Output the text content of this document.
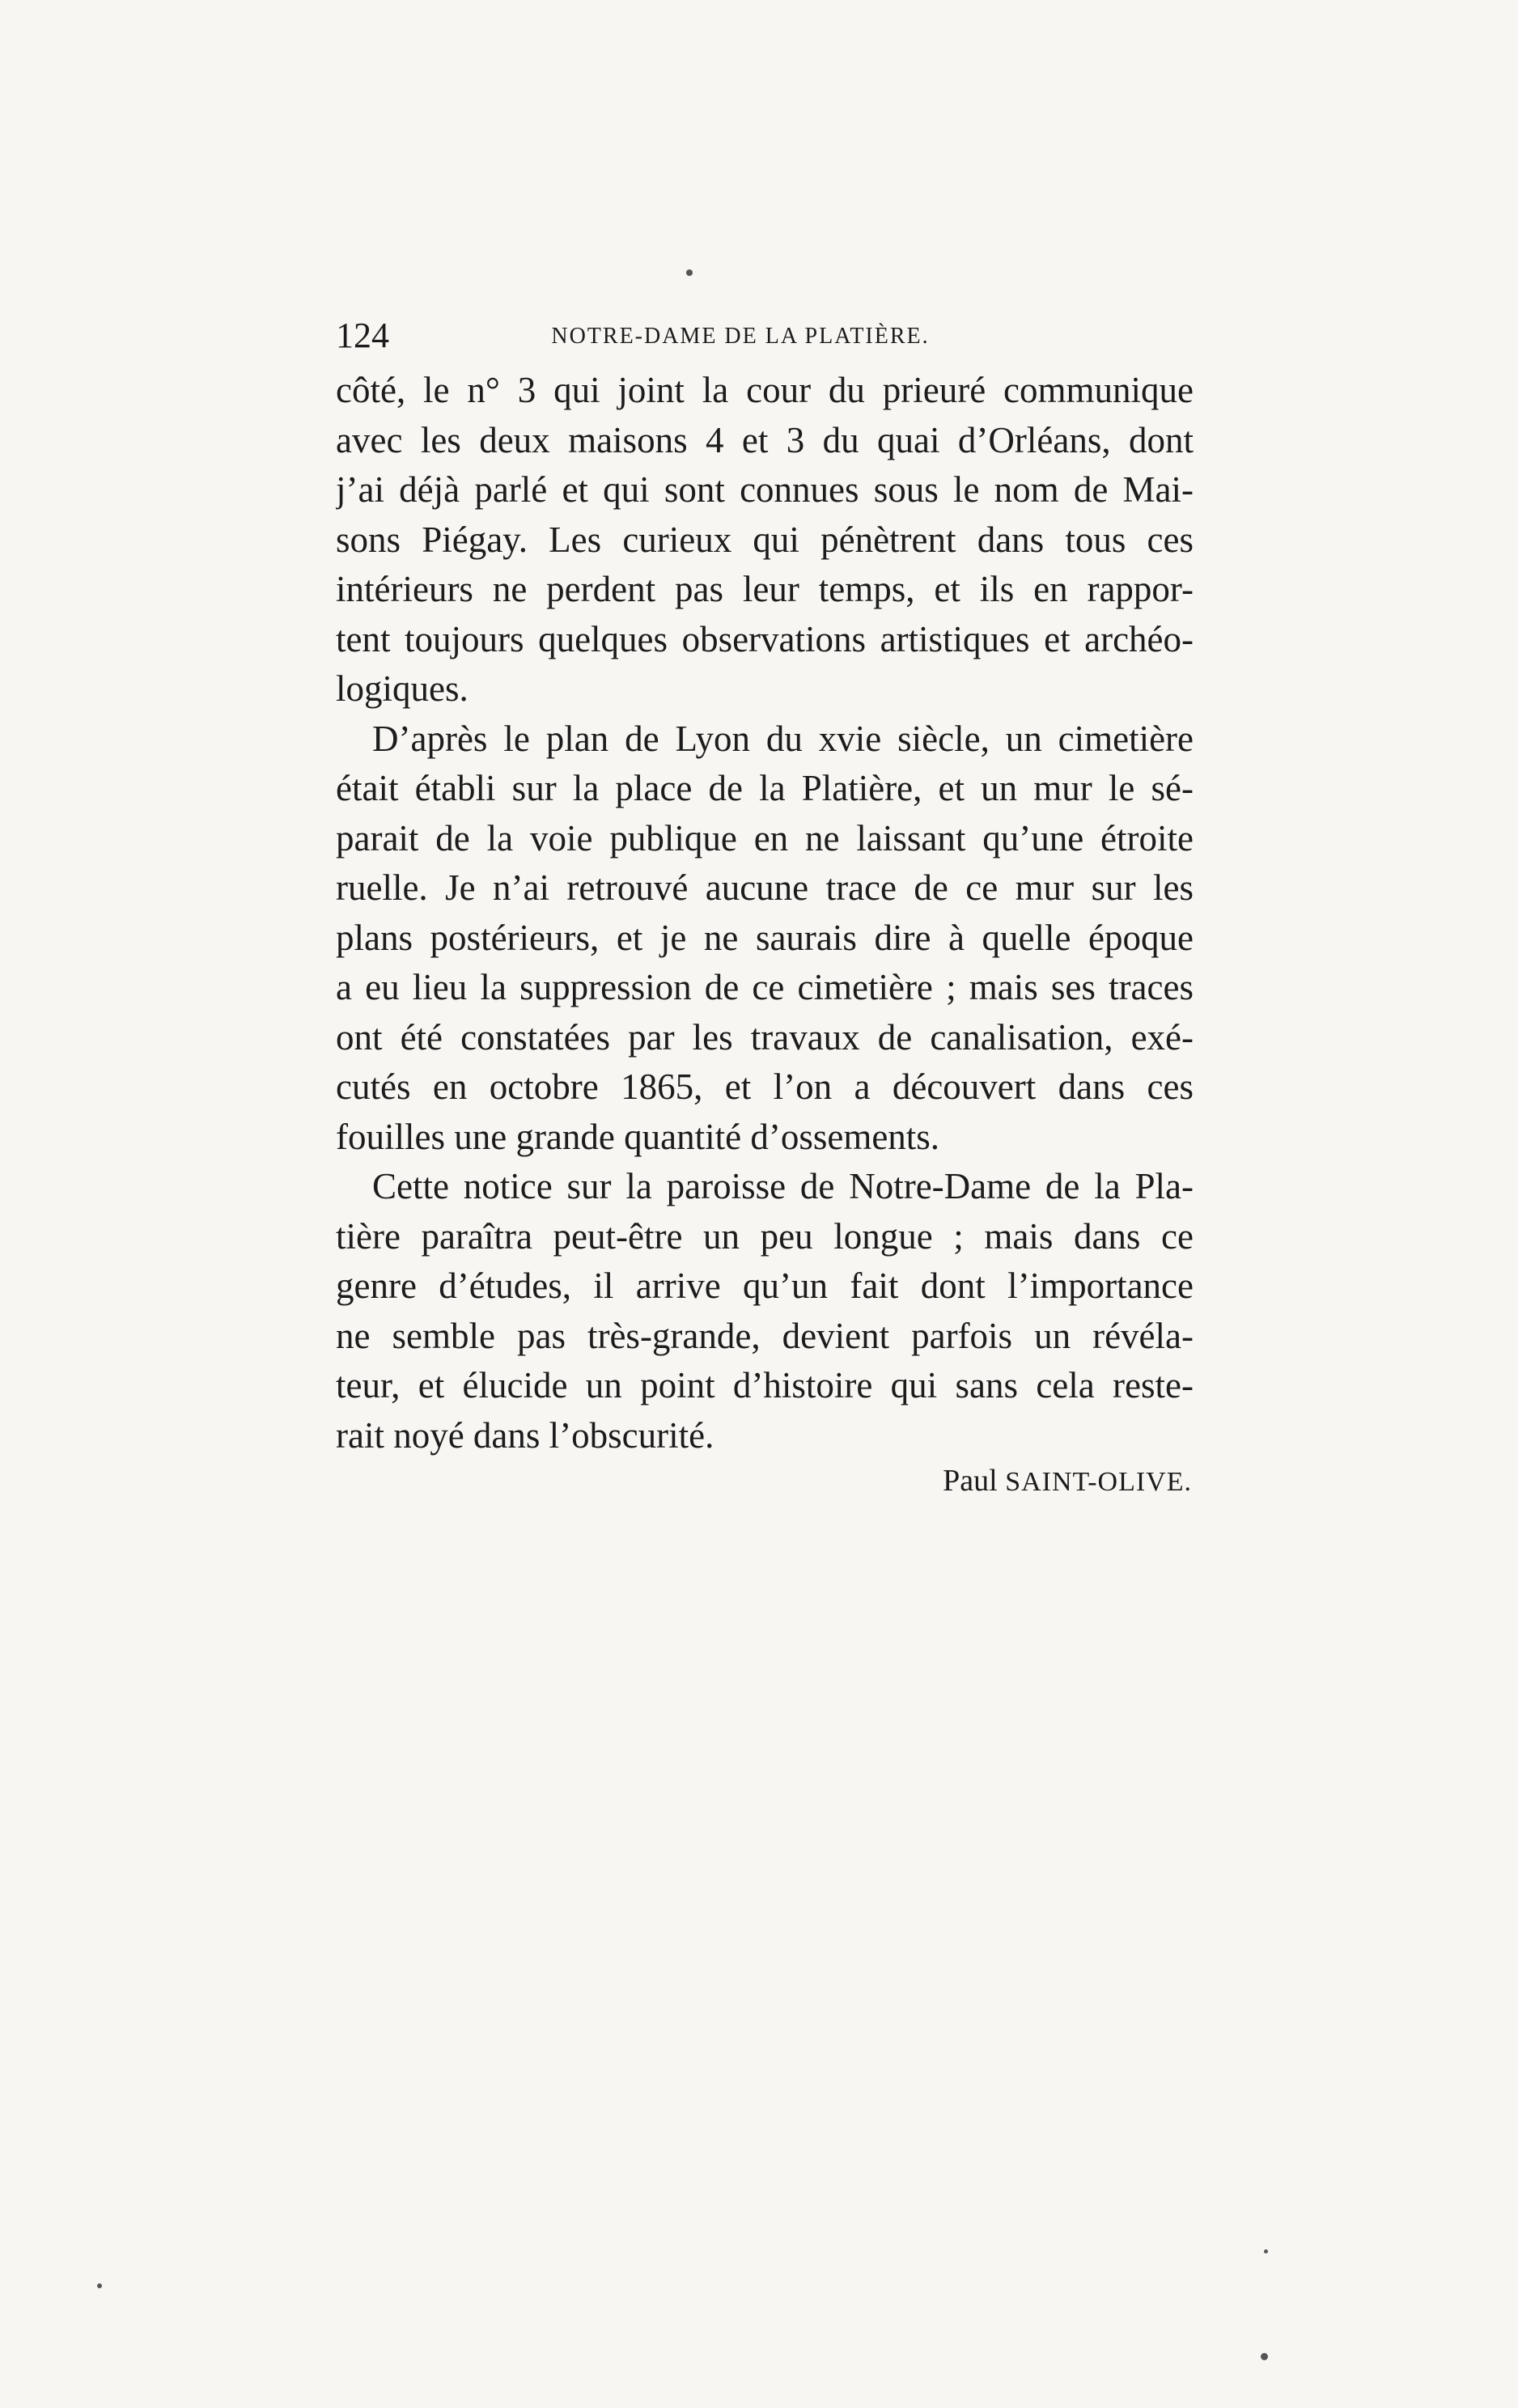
124	NOTRE-DAME DE LA PLATIÈRE.

côté, le n° 3 qui joint la cour du prieuré communique
avec les deux maisons 4 et 3 du quai d’Orléans, dont
j’ai déjà parlé et qui sont connues sous le nom de Mai-
sons Piégay. Les curieux qui pénètrent dans tous ces
intérieurs ne perdent pas leur temps, et ils en rappor-
tent toujours quelques observations artistiques et archéo-
logiques.

D’après le plan de Lyon du xvie siècle, un cimetière
était établi sur la place de la Platière, et un mur le sé-
parait de la voie publique en ne laissant qu’une étroite
ruelle. Je n’ai retrouvé aucune trace de ce mur sur les
plans postérieurs, et je ne saurais dire à quelle époque
a eu lieu la suppression de ce cimetière ; mais ses traces
ont été constatées par les travaux de canalisation, exé-
cutés en octobre 1865, et l’on a découvert dans ces
fouilles une grande quantité d’ossements.

Cette notice sur la paroisse de Notre-Dame de la Pla-
tière paraîtra peut-être un peu longue ; mais dans ce
genre d’études, il arrive qu’un fait dont l’importance
ne semble pas très-grande, devient parfois un révéla-
teur, et élucide un point d’histoire qui sans cela reste-
rait noyé dans l’obscurité.

Paul SAINT-OLIVE.
